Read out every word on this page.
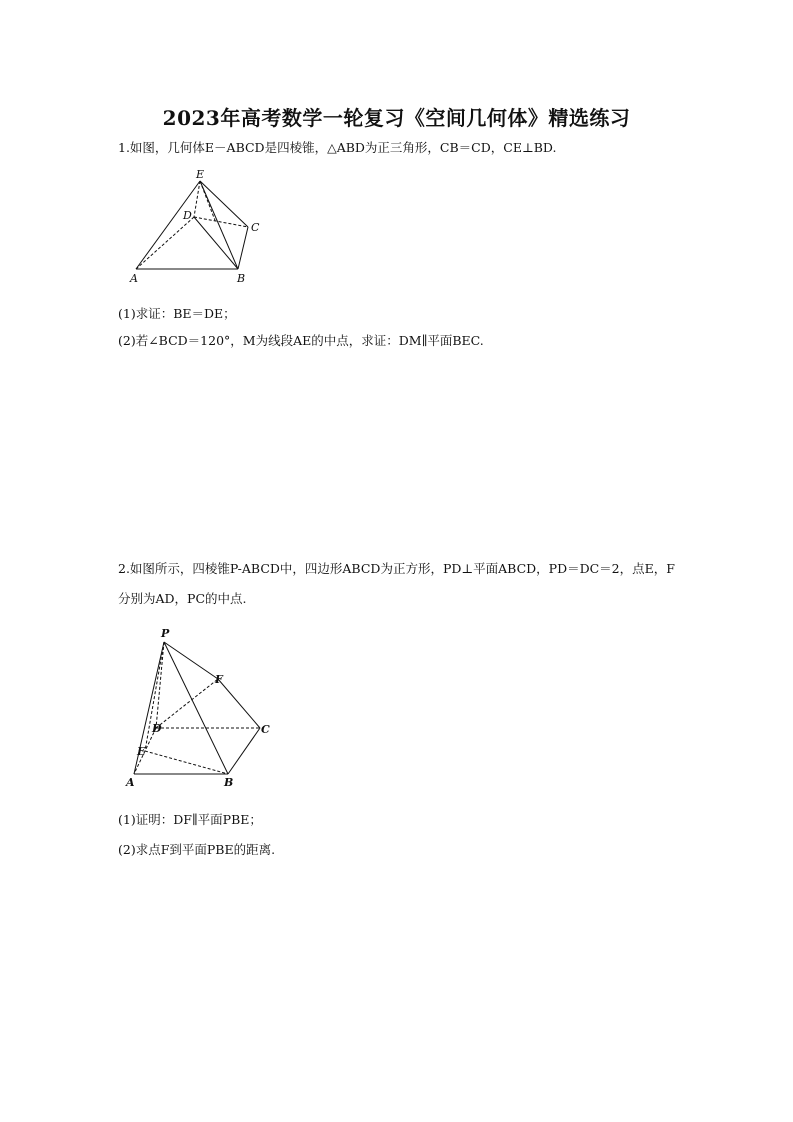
2023年高考数学一轮复习《空间几何体》精选练习
1.如图，几何体E－ABCD是四棱锥，△ABD为正三角形，CB＝CD，CE⊥BD.
E
D
C
A	B
(1)求证：BE＝DE；
(2)若∠BCD＝120°，M为线段AE的中点，求证：DM∥平面BEC.
2.如图所示，四棱锥P-ABCD中，四边形ABCD为正方形，PD⊥平面ABCD，PD＝DC＝2，点E，F
分别为AD，PC的中点.
P
F
D	C
E
A	B
(1)证明：DF∥平面PBE；
(2)求点F到平面PBE的距离.
